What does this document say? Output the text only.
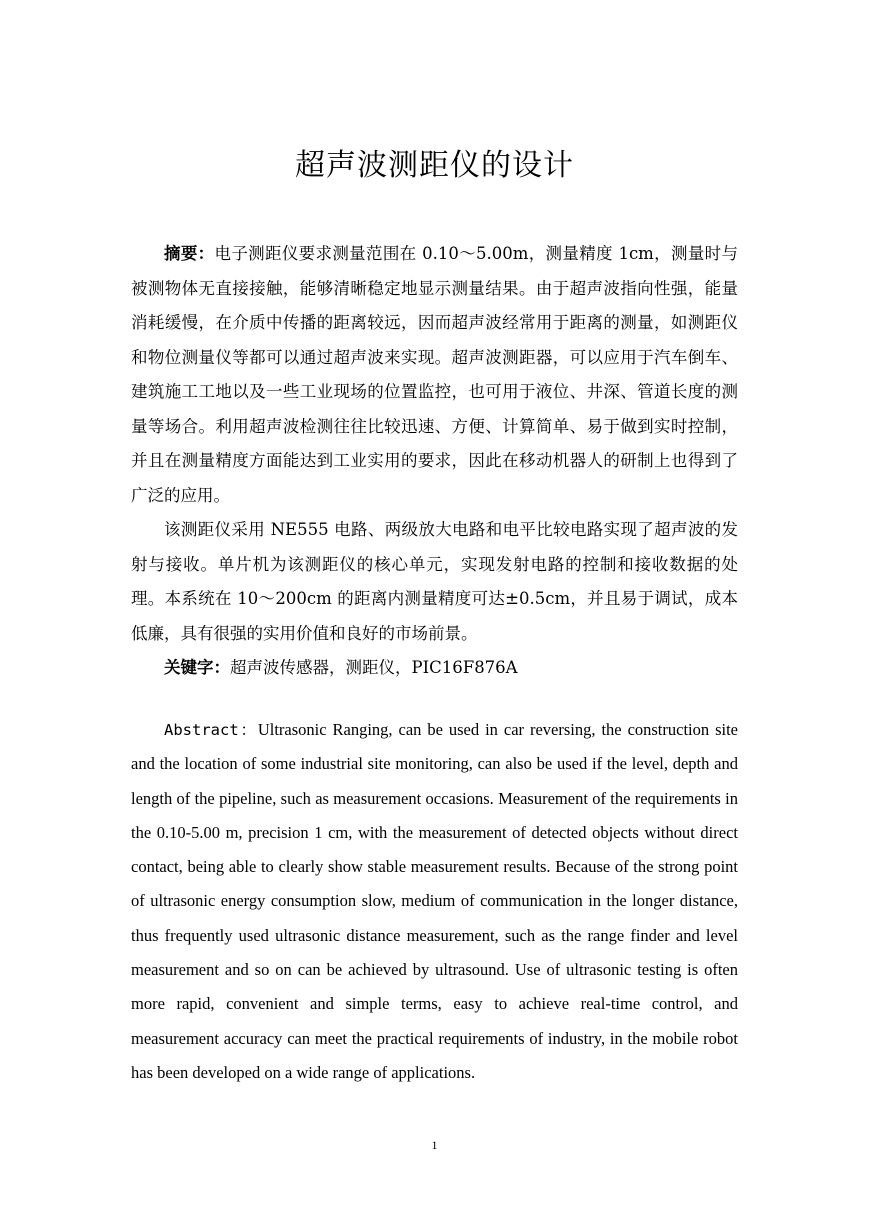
超声波测距仪的设计

摘要：电子测距仪要求测量范围在 0.10～5.00m，测量精度 1cm，测量时与被测物体无直接接触，能够清晰稳定地显示测量结果。由于超声波指向性强，能量消耗缓慢，在介质中传播的距离较远，因而超声波经常用于距离的测量，如测距仪和物位测量仪等都可以通过超声波来实现。超声波测距器，可以应用于汽车倒车、建筑施工工地以及一些工业现场的位置监控，也可用于液位、井深、管道长度的测量等场合。利用超声波检测往往比较迅速、方便、计算简单、易于做到实时控制，并且在测量精度方面能达到工业实用的要求，因此在移动机器人的研制上也得到了广泛的应用。

该测距仪采用 NE555 电路、两级放大电路和电平比较电路实现了超声波的发射与接收。单片机为该测距仪的核心单元，实现发射电路的控制和接收数据的处理。本系统在 10～200cm 的距离内测量精度可达±0.5cm，并且易于调试，成本低廉，具有很强的实用价值和良好的市场前景。

关键字：超声波传感器，测距仪，PIC16F876A

Abstract：Ultrasonic Ranging, can be used in car reversing, the construction site and the location of some industrial site monitoring, can also be used if the level, depth and length of the pipeline, such as measurement occasions. Measurement of the requirements in the 0.10-5.00 m, precision 1 cm, with the measurement of detected objects without direct contact, being able to clearly show stable measurement results. Because of the strong point of ultrasonic energy consumption slow, medium of communication in the longer distance, thus frequently used ultrasonic distance measurement, such as the range finder and level measurement and so on can be achieved by ultrasound. Use of ultrasonic testing is often more rapid, convenient and simple terms, easy to achieve real-time control, and measurement accuracy can meet the practical requirements of industry, in the mobile robot has been developed on a wide range of applications.

1
